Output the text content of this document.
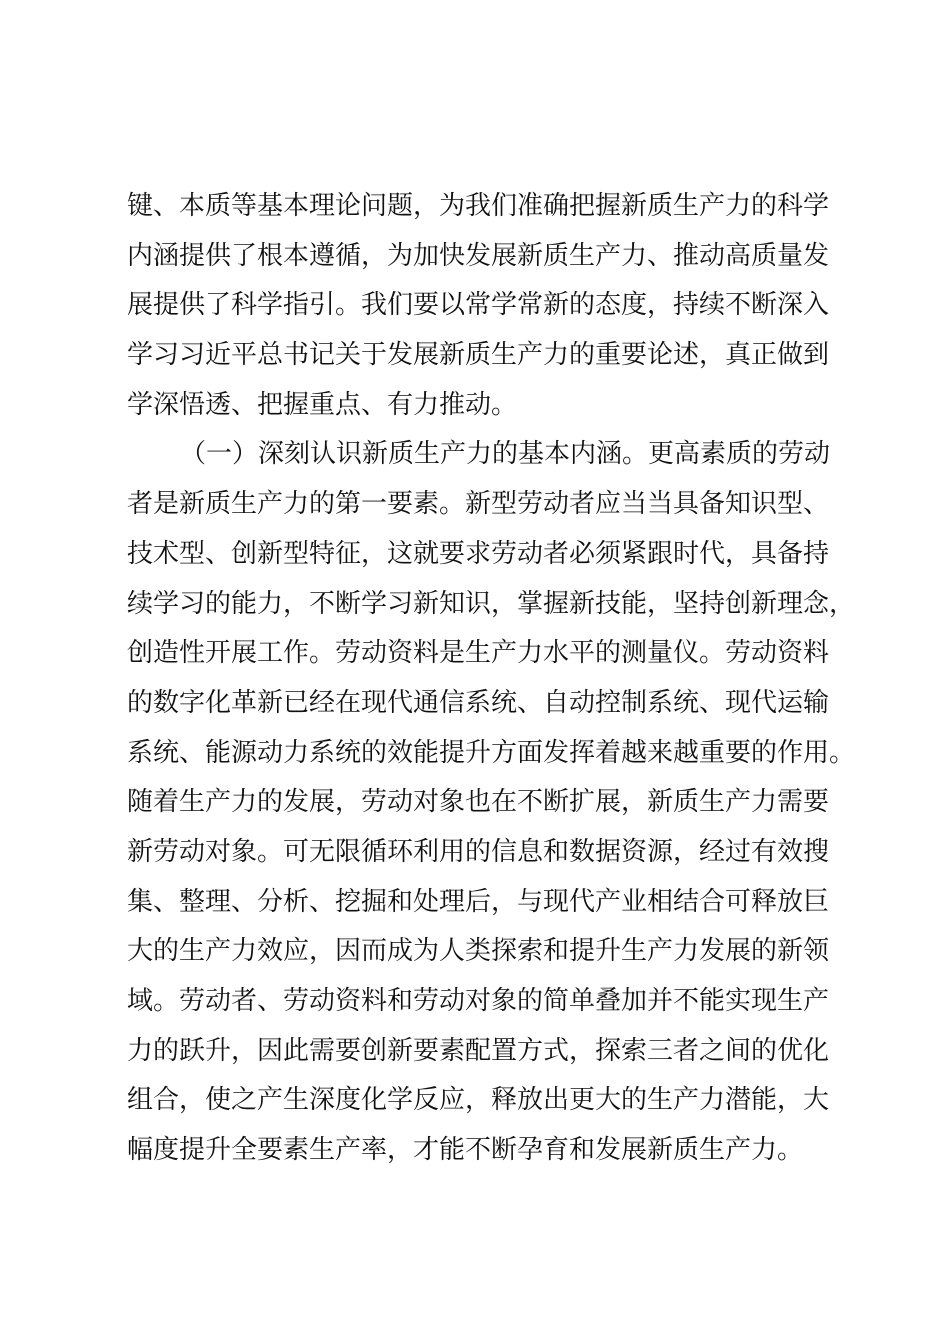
键、本质等基本理论问题，为我们准确把握新质生产力的科学
内涵提供了根本遵循，为加快发展新质生产力、推动高质量发
展提供了科学指引。我们要以常学常新的态度，持续不断深入
学习习近平总书记关于发展新质生产力的重要论述，真正做到
学深悟透、把握重点、有力推动。
（一）深刻认识新质生产力的基本内涵。更高素质的劳动
者是新质生产力的第一要素。新型劳动者应当当具备知识型、
技术型、创新型特征，这就要求劳动者必须紧跟时代，具备持
续学习的能力，不断学习新知识，掌握新技能，坚持创新理念，
创造性开展工作。劳动资料是生产力水平的测量仪。劳动资料
的数字化革新已经在现代通信系统、自动控制系统、现代运输
系统、能源动力系统的效能提升方面发挥着越来越重要的作用。
随着生产力的发展，劳动对象也在不断扩展，新质生产力需要
新劳动对象。可无限循环利用的信息和数据资源，经过有效搜
集、整理、分析、挖掘和处理后，与现代产业相结合可释放巨
大的生产力效应，因而成为人类探索和提升生产力发展的新领
域。劳动者、劳动资料和劳动对象的简单叠加并不能实现生产
力的跃升，因此需要创新要素配置方式，探索三者之间的优化
组合，使之产生深度化学反应，释放出更大的生产力潜能，大
幅度提升全要素生产率，才能不断孕育和发展新质生产力。
